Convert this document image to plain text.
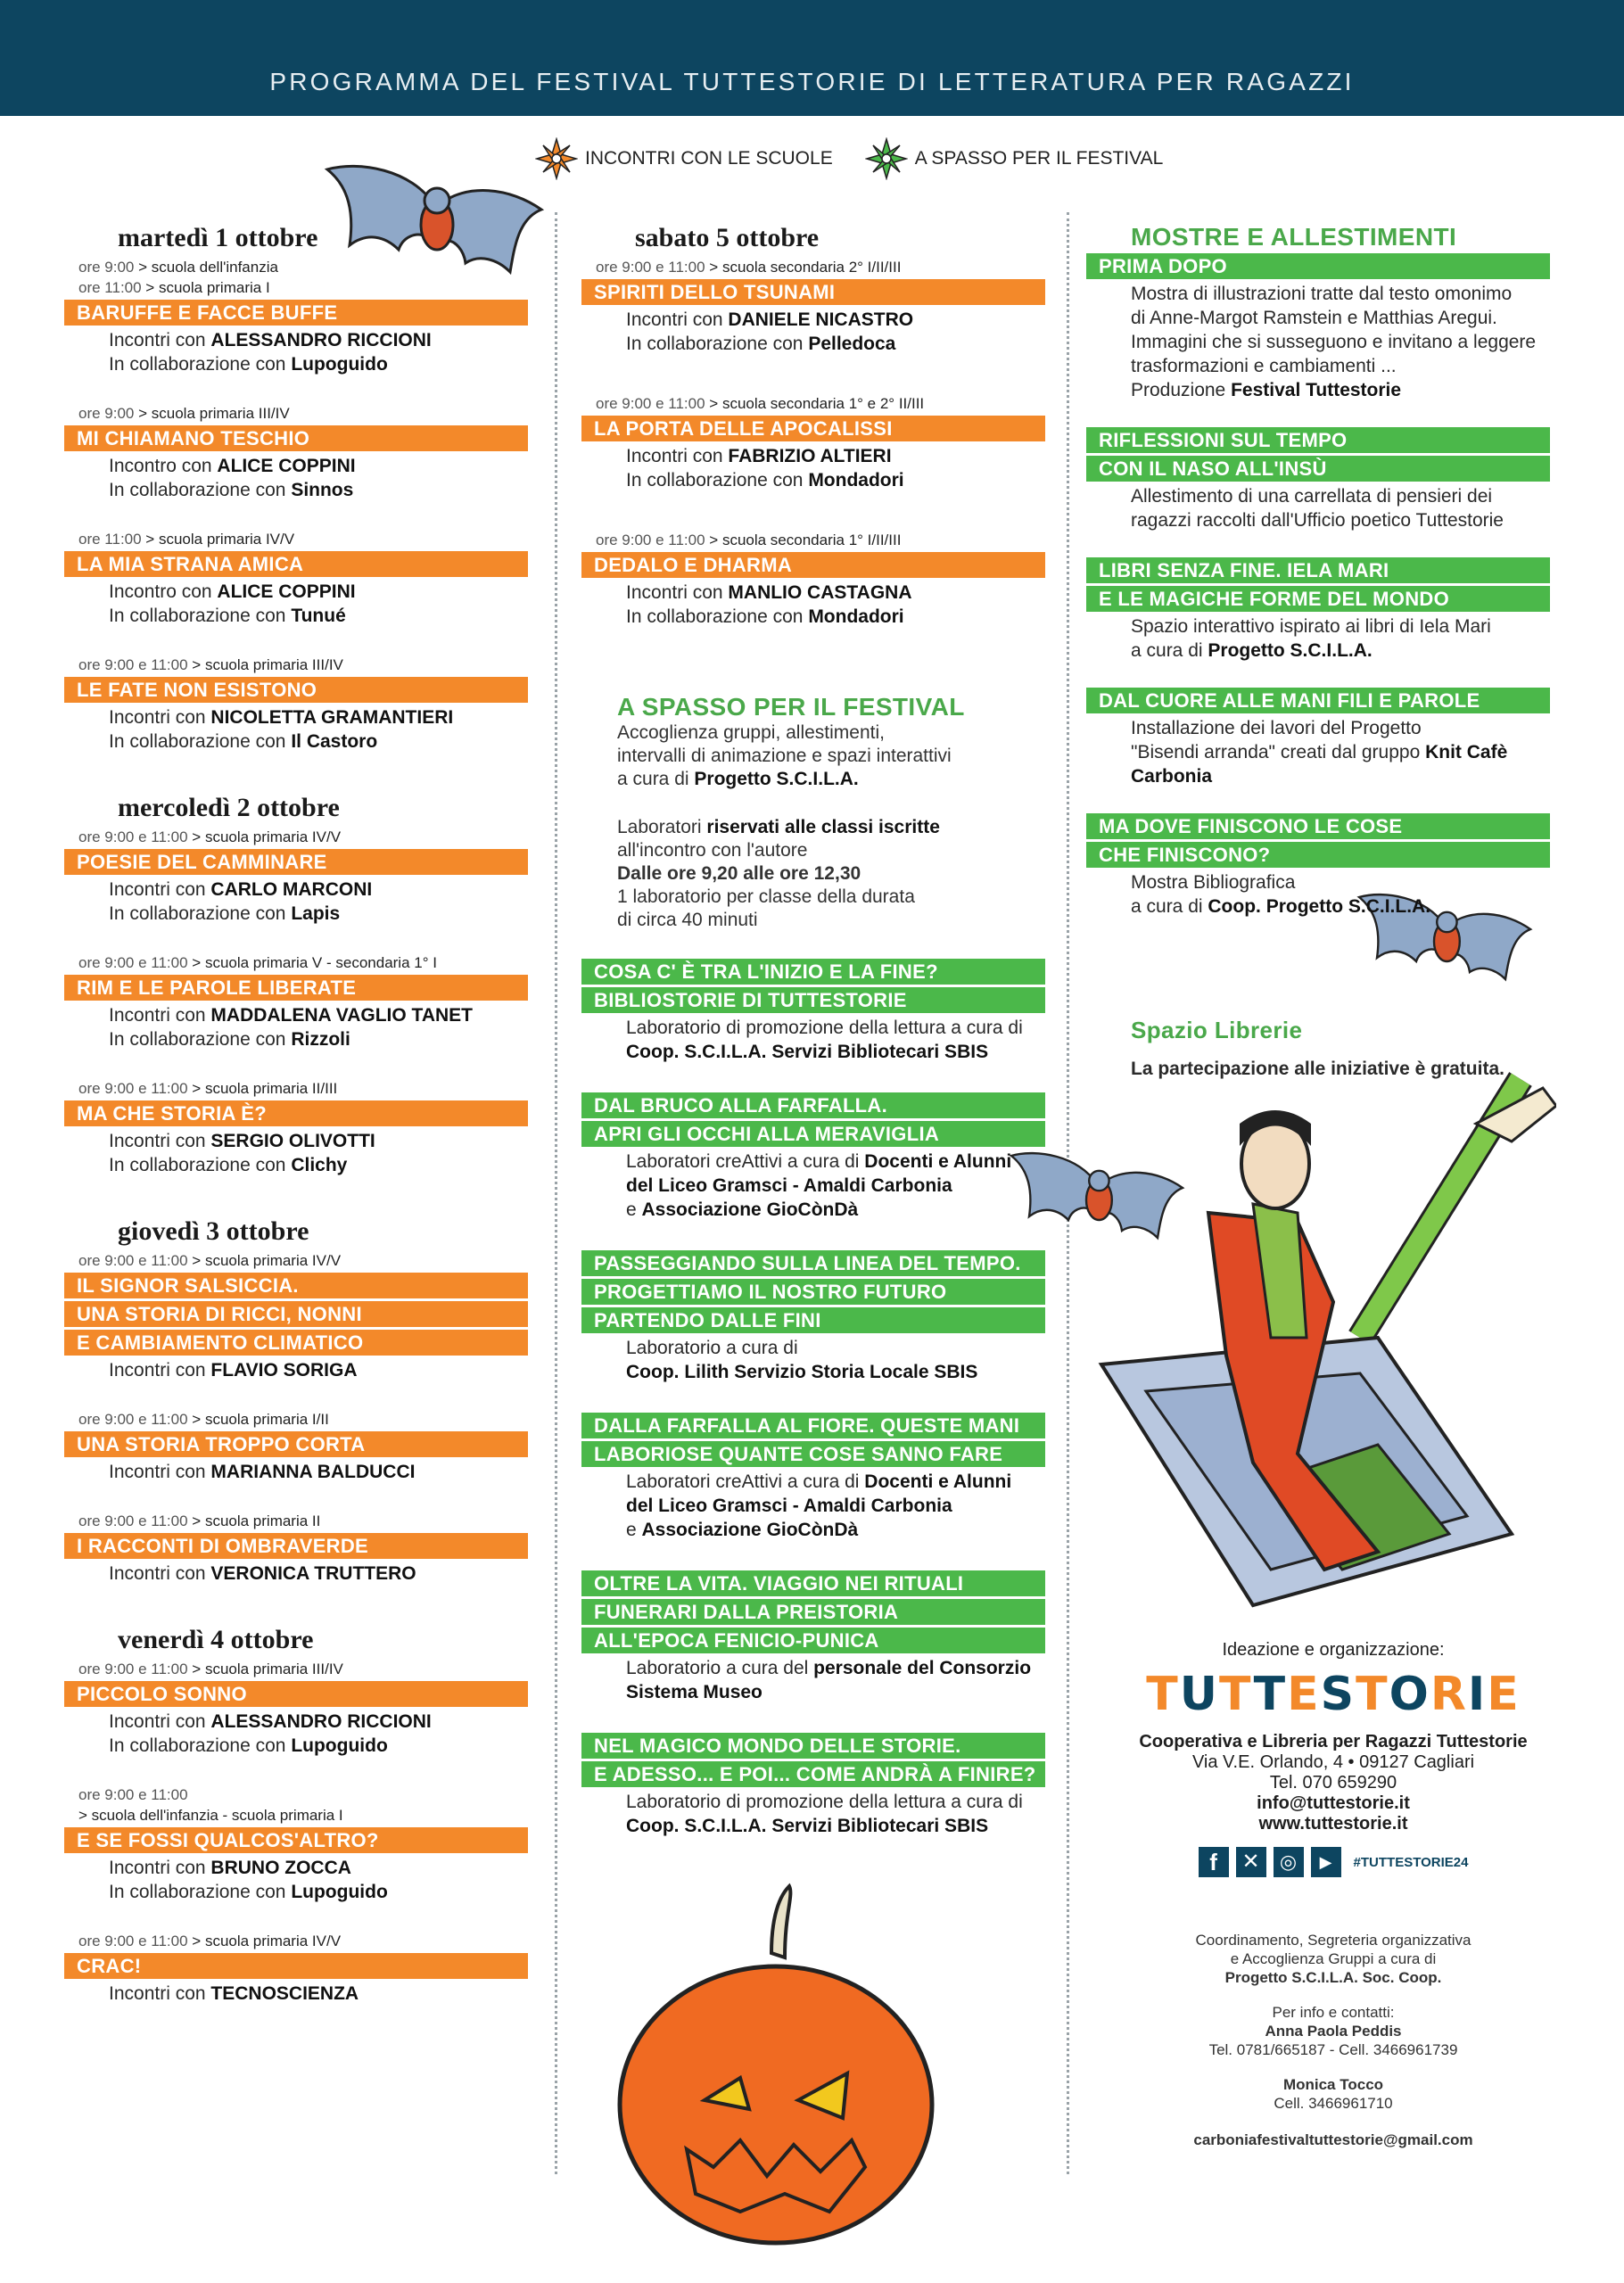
PROGRAMMA DEL FESTIVAL TUTTESTORIE DI LETTERATURA PER RAGAZZI
INCONTRI CON LE SCUOLE	A SPASSO PER IL FESTIVAL
martedì 1 ottobre
ore 9:00 > scuola dell'infanzia
ore 11:00 > scuola primaria I
BARUFFE E FACCE BUFFE
Incontri con ALESSANDRO RICCIONI
In collaborazione con Lupoguido
ore 9:00 > scuola primaria III/IV
MI CHIAMANO TESCHIO
Incontro con ALICE COPPINI
In collaborazione con Sinnos
ore 11:00 > scuola primaria IV/V
LA MIA STRANA AMICA
Incontro con ALICE COPPINI
In collaborazione con Tunué
ore 9:00 e 11:00 > scuola primaria III/IV
LE FATE NON ESISTONO
Incontri con NICOLETTA GRAMANTIERI
In collaborazione con Il Castoro
mercoledì 2 ottobre
ore 9:00 e 11:00 > scuola primaria IV/V
POESIE DEL CAMMINARE
Incontri con CARLO MARCONI
In collaborazione con Lapis
ore 9:00 e 11:00 > scuola primaria V - secondaria 1° I
RIM E LE PAROLE LIBERATE
Incontri con MADDALENA VAGLIO TANET
In collaborazione con Rizzoli
ore 9:00 e 11:00 > scuola primaria II/III
MA CHE STORIA È?
Incontri con SERGIO OLIVOTTI
In collaborazione con Clichy
giovedì 3 ottobre
ore 9:00 e 11:00 > scuola primaria IV/V
IL SIGNOR SALSICCIA.
UNA STORIA DI RICCI, NONNI
E CAMBIAMENTO CLIMATICO
Incontri con FLAVIO SORIGA
ore 9:00 e 11:00 > scuola primaria I/II
UNA STORIA TROPPO CORTA
Incontri con MARIANNA BALDUCCI
ore 9:00 e 11:00 > scuola primaria II
I RACCONTI DI OMBRAVERDE
Incontri con VERONICA TRUTTERO
venerdì 4 ottobre
ore 9:00 e 11:00 > scuola primaria III/IV
PICCOLO SONNO
Incontri con ALESSANDRO RICCIONI
In collaborazione con Lupoguido
ore 9:00 e 11:00
> scuola dell'infanzia - scuola primaria I
E SE FOSSI QUALCOS'ALTRO?
Incontri con BRUNO ZOCCA
In collaborazione con Lupoguido
ore 9:00 e 11:00 > scuola primaria IV/V
CRAC!
Incontri con TECNOSCIENZA
sabato 5 ottobre
ore 9:00 e 11:00 > scuola secondaria 2° I/II/III
SPIRITI DELLO TSUNAMI
Incontri con DANIELE NICASTRO
In collaborazione con Pelledoca
ore 9:00 e 11:00 > scuola secondaria 1° e 2° II/III
LA PORTA DELLE APOCALISSI
Incontri con FABRIZIO ALTIERI
In collaborazione con Mondadori
ore 9:00 e 11:00 > scuola secondaria 1° I/II/III
DEDALO E DHARMA
Incontri con MANLIO CASTAGNA
In collaborazione con Mondadori
A SPASSO PER IL FESTIVAL
Accoglienza gruppi, allestimenti,
intervalli di animazione e spazi interattivi
a cura di Progetto S.C.I.L.A.
Laboratori riservati alle classi iscritte
all'incontro con l'autore
Dalle ore 9,20 alle ore 12,30
1 laboratorio per classe della durata
di circa 40 minuti
COSA C' È TRA L'INIZIO E LA FINE?
BIBLIOSTORIE DI TUTTESTORIE
Laboratorio di promozione della lettura a cura di
Coop. S.C.I.L.A. Servizi Bibliotecari SBIS
DAL BRUCO ALLA FARFALLA.
APRI GLI OCCHI ALLA MERAVIGLIA
Laboratori creAttivi a cura di Docenti e Alunni
del Liceo Gramsci - Amaldi Carbonia
e Associazione GioCònDà
PASSEGGIANDO SULLA LINEA DEL TEMPO.
PROGETTIAMO IL NOSTRO FUTURO
PARTENDO DALLE FINI
Laboratorio a cura di
Coop. Lilith Servizio Storia Locale SBIS
DALLA FARFALLA AL FIORE. QUESTE MANI
LABORIOSE QUANTE COSE SANNO FARE
Laboratori creAttivi a cura di Docenti e Alunni
del Liceo Gramsci - Amaldi Carbonia
e Associazione GioCònDà
OLTRE LA VITA. VIAGGIO NEI RITUALI
FUNERARI DALLA PREISTORIA
ALL'EPOCA FENICIO-PUNICA
Laboratorio a cura del personale del Consorzio
Sistema Museo
NEL MAGICO MONDO DELLE STORIE.
E ADESSO... E POI... COME ANDRÀ A FINIRE?
Laboratorio di promozione della lettura a cura di
Coop. S.C.I.L.A. Servizi Bibliotecari SBIS
MOSTRE E ALLESTIMENTI
PRIMA DOPO
Mostra di illustrazioni tratte dal testo omonimo
di Anne-Margot Ramstein e Matthias Aregui.
Immagini che si susseguono e invitano a leggere
trasformazioni e cambiamenti ...
Produzione Festival Tuttestorie
RIFLESSIONI SUL TEMPO
CON IL NASO ALL'INSÙ
Allestimento di una carrellata di pensieri dei
ragazzi raccolti dall'Ufficio poetico Tuttestorie
LIBRI SENZA FINE. IELA MARI
E LE MAGICHE FORME DEL MONDO
Spazio interattivo ispirato ai libri di Iela Mari
a cura di Progetto S.C.I.L.A.
DAL CUORE ALLE MANI FILI E PAROLE
Installazione dei lavori del Progetto
"Bisendi arranda" creati dal gruppo Knit Cafè
Carbonia
MA DOVE FINISCONO LE COSE
CHE FINISCONO?
Mostra Bibliografica
a cura di Coop. Progetto S.C.I.L.A.
Spazio Librerie
La partecipazione alle iniziative è gratuita.
Ideazione e organizzazione:
TUTTESTORIE
Cooperativa e Libreria per Ragazzi Tuttestorie
Via V.E. Orlando, 4 • 09127 Cagliari
Tel. 070 659290
info@tuttestorie.it
www.tuttestorie.it
f	✕	◎	▶	#TUTTESTORIE24
Coordinamento, Segreteria organizzativa
e Accoglienza Gruppi a cura di
Progetto S.C.I.L.A. Soc. Coop.
Per info e contatti:
Anna Paola Peddis
Tel. 0781/665187 - Cell. 3466961739
Monica Tocco
Cell. 3466961710
carboniafestivaltuttestorie@gmail.com
